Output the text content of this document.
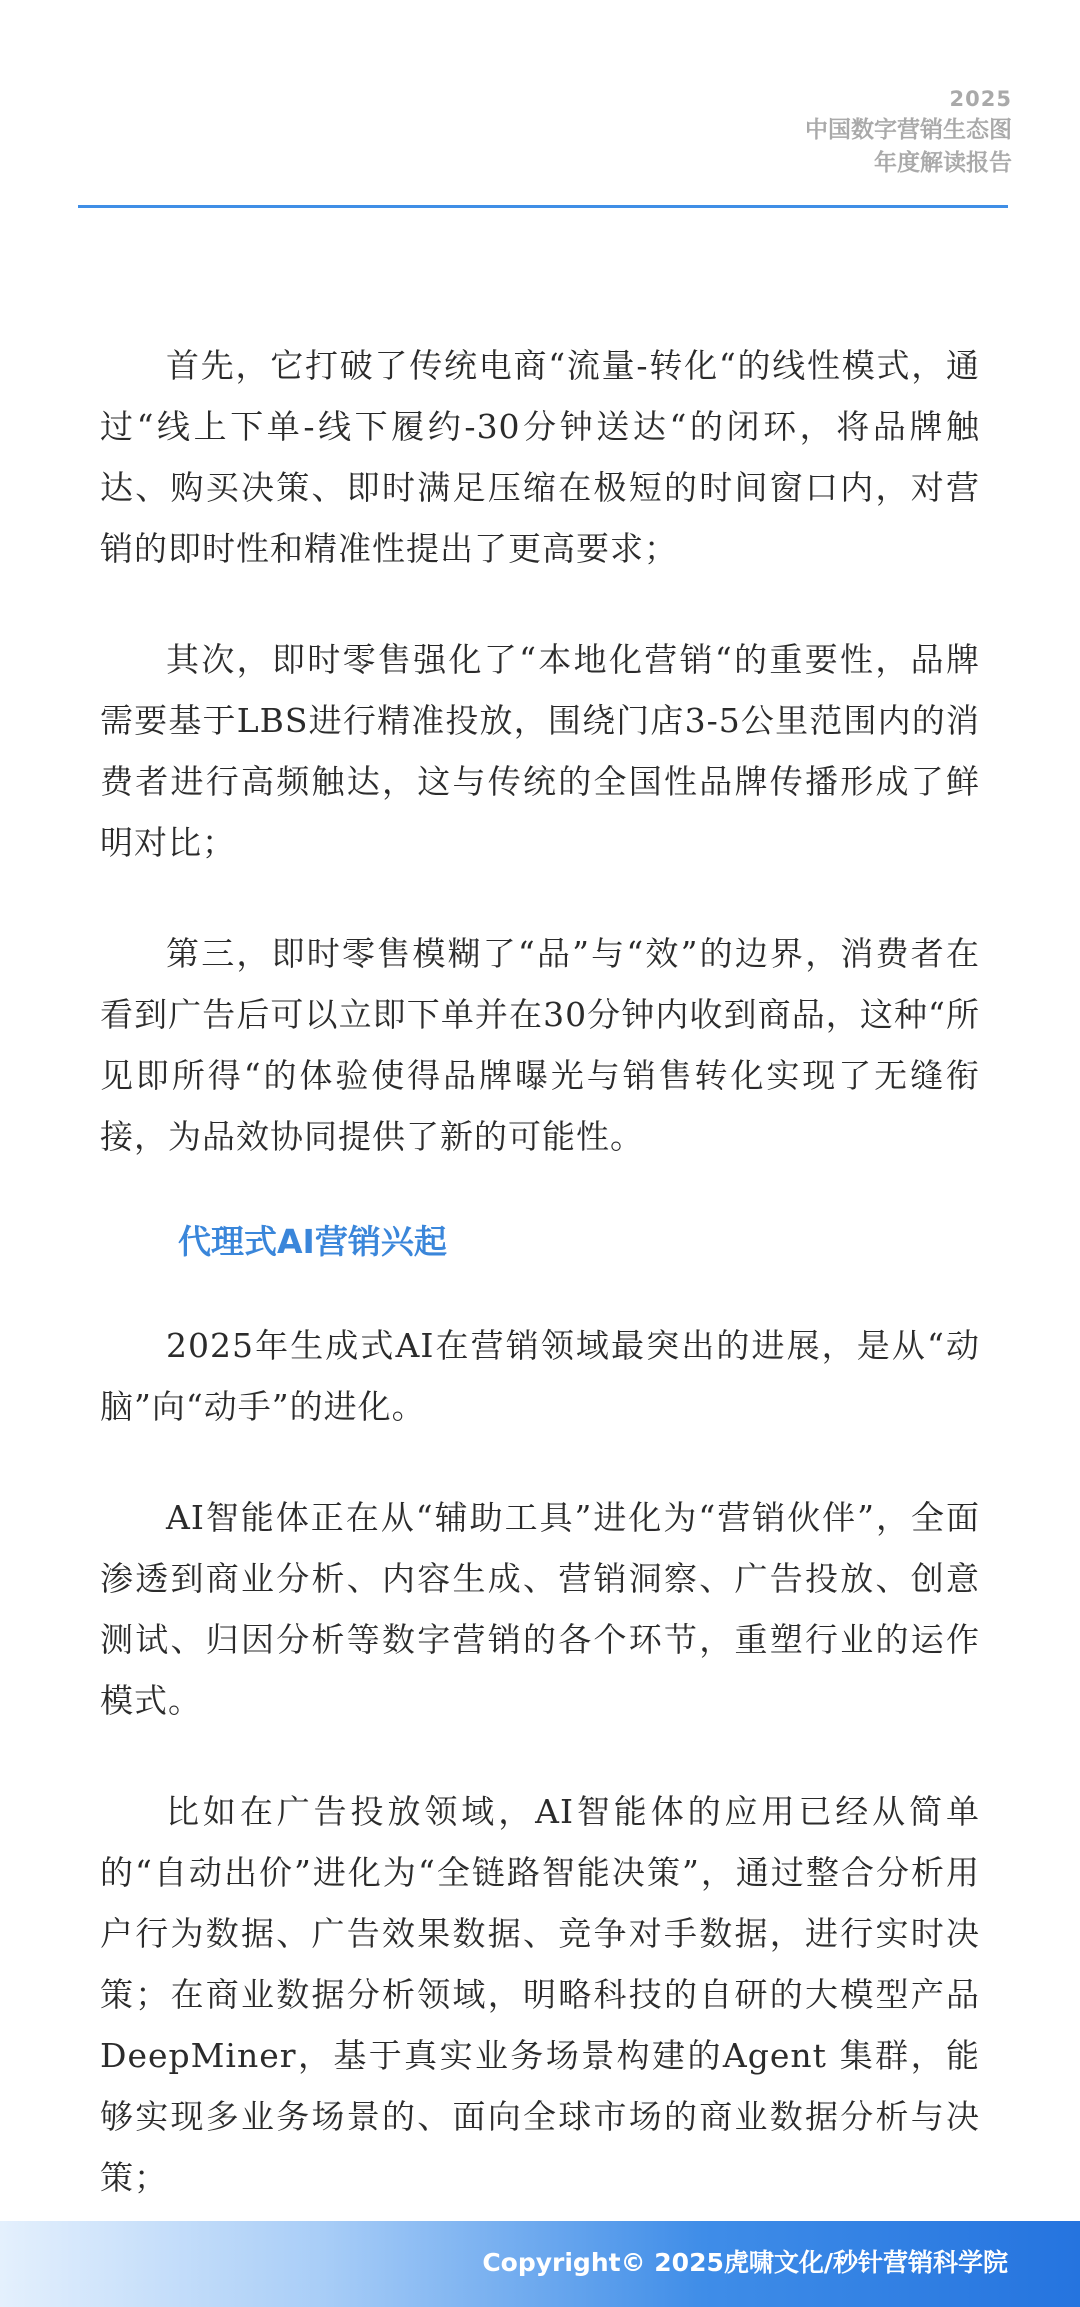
2025
中国数字营销生态图
年度解读报告

首先，它打破了传统电商“流量-转化“的线性模式，通过“线上下单-线下履约-30分钟送达“的闭环，将品牌触达、购买决策、即时满足压缩在极短的时间窗口内，对营销的即时性和精准性提出了更高要求；

其次，即时零售强化了“本地化营销“的重要性，品牌需要基于LBS进行精准投放，围绕门店3-5公里范围内的消费者进行高频触达，这与传统的全国性品牌传播形成了鲜明对比；

第三，即时零售模糊了“品”与“效”的边界，消费者在看到广告后可以立即下单并在30分钟内收到商品，这种“所见即所得“的体验使得品牌曝光与销售转化实现了无缝衔接，为品效协同提供了新的可能性。

代理式AI营销兴起

2025年生成式AI在营销领域最突出的进展，是从“动脑”向“动手”的进化。

AI智能体正在从“辅助工具”进化为“营销伙伴”，全面渗透到商业分析、内容生成、营销洞察、广告投放、创意测试、归因分析等数字营销的各个环节，重塑行业的运作模式。

比如在广告投放领域，AI智能体的应用已经从简单的“自动出价”进化为“全链路智能决策”，通过整合分析用户行为数据、广告效果数据、竞争对手数据，进行实时决策；在商业数据分析领域，明略科技的自研的大模型产品DeepMiner，基于真实业务场景构建的Agent 集群，能够实现多业务场景的、面向全球市场的商业数据分析与决策；

Copyright© 2025虎啸文化/秒针营销科学院
